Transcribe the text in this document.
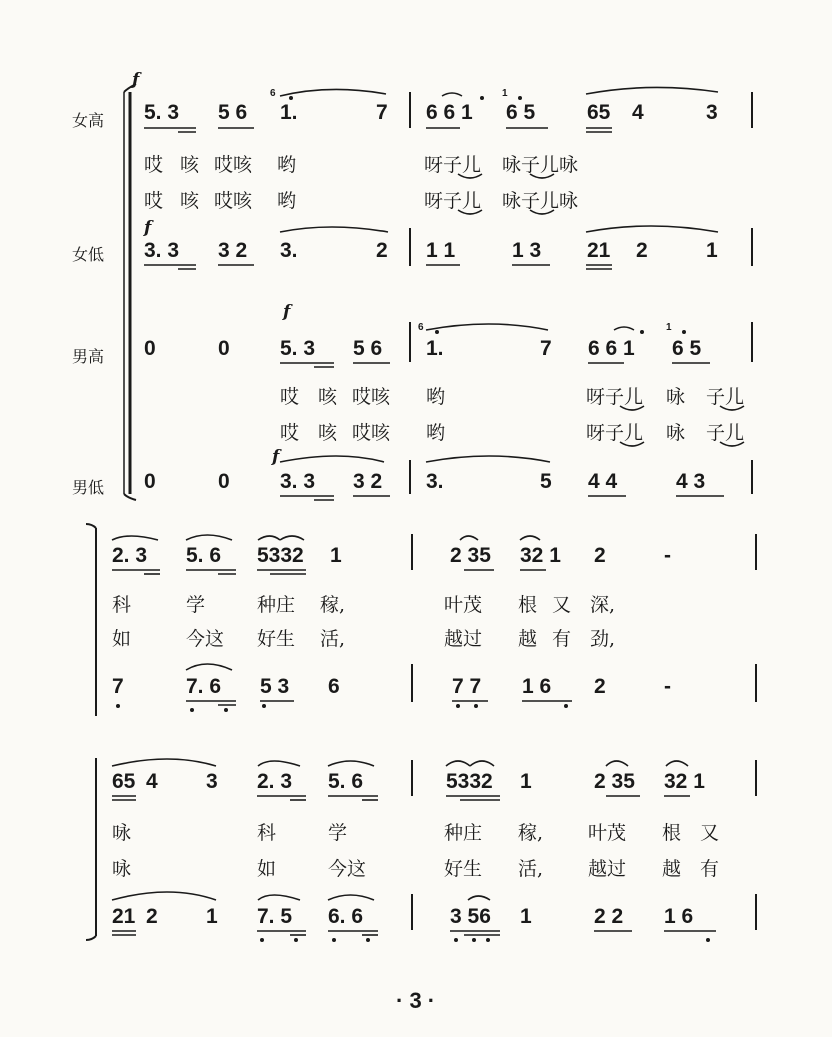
女高
女低
男高
男低
f
f
f
f
5. 3 5 6 1.	7 6 6 1 6 5 65 4	3
6	1
哎 咳 哎咳 哟	呀子儿 咏子儿咏
哎 咳 哎咳 哟	呀子儿 咏子儿咏
3. 3 3 2 3.	2 1 1	1 3 21 2	1
0	0 5. 3 5 6 1.	7 6 6 1 6 5
6	1
哎 咳 哎咳 哟	呀子儿 咏 子儿
哎 咳 哎咳 哟	呀子儿 咏 子儿
0	0 3. 3 3 2 3.	5 4 4	4 3
2. 3 5. 6 5332 1	2 35 32 1 2	-
科	学	种庄 稼,	叶茂 根 又 深,
如	今这 好生 活,	越过 越 有 劲,
7	7. 6 5 3 6	7 7 1 6 2	-
65 4 3 2. 3 5. 6	5332 1	2 35 32 1
咏	科	学	种庄 稼, 叶茂 根 又
咏	如	今这	好生 活, 越过 越 有
21 2 1 7. 5 6. 6	3 56 1	2 2 1 6
· 3 ·
